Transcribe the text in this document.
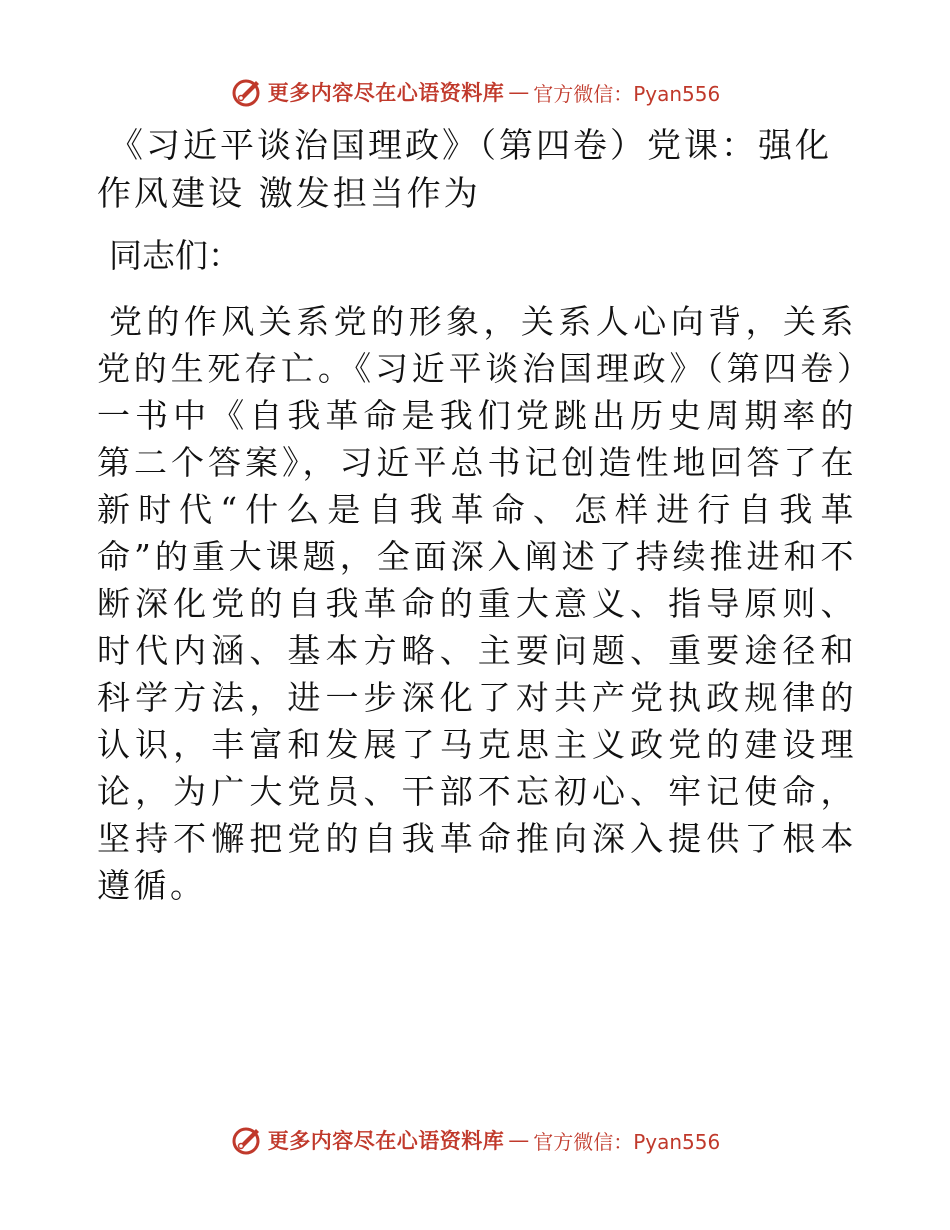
更多内容尽在心语资料库 — 官方微信：Pyan556
《习近平谈治国理政》（第四卷）党课：强化作风建设 激发担当作为

同志们：

党的作风关系党的形象，关系人心向背，关系党的生死存亡。《习近平谈治国理政》（第四卷）一书中《自我革命是我们党跳出历史周期率的第二个答案》，习近平总书记创造性地回答了在新时代“什么是自我革命、怎样进行自我革命”的重大课题，全面深入阐述了持续推进和不断深化党的自我革命的重大意义、指导原则、时代内涵、基本方略、主要问题、重要途径和科学方法，进一步深化了对共产党执政规律的认识，丰富和发展了马克思主义政党的建设理论，为广大党员、干部不忘初心、牢记使命，坚持不懈把党的自我革命推向深入提供了根本遵循。

更多内容尽在心语资料库 — 官方微信：Pyan556
